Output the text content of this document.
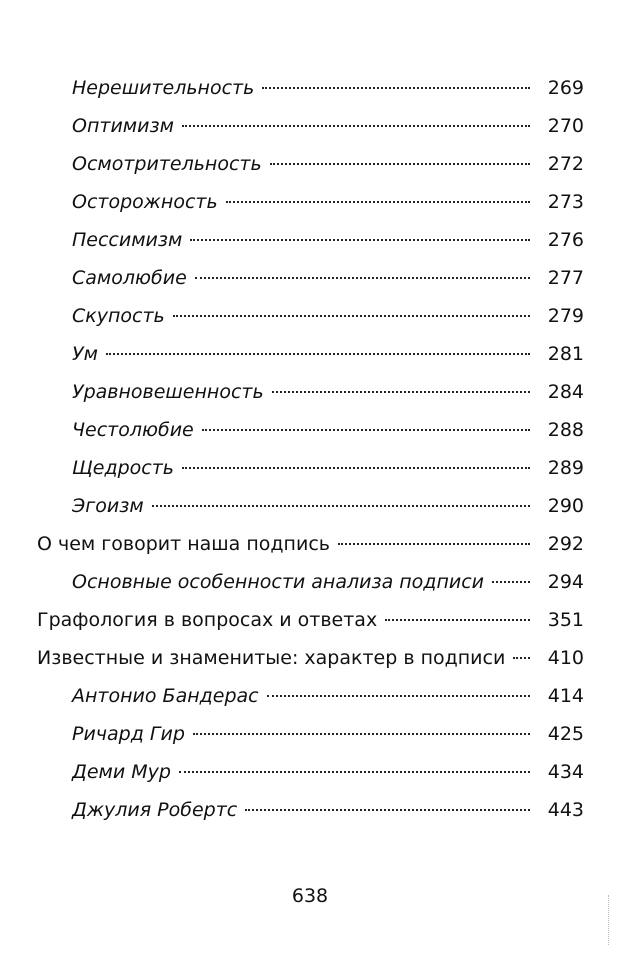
Нерешительность	269
Оптимизм	270
Осмотрительность	272
Осторожность	273
Пессимизм	276
Самолюбие	277
Скупость	279
Ум	281
Уравновешенность	284
Честолюбие	288
Щедрость	289
Эгоизм	290
О чем говорит наша подпись	292
Основные особенности анализа подписи	294
Графология в вопросах и ответах	351
Известные и знаменитые: характер в подписи	410
Антонио Бандерас	414
Ричард Гир	425
Деми Мур	434
Джулия Робертс	443
638
